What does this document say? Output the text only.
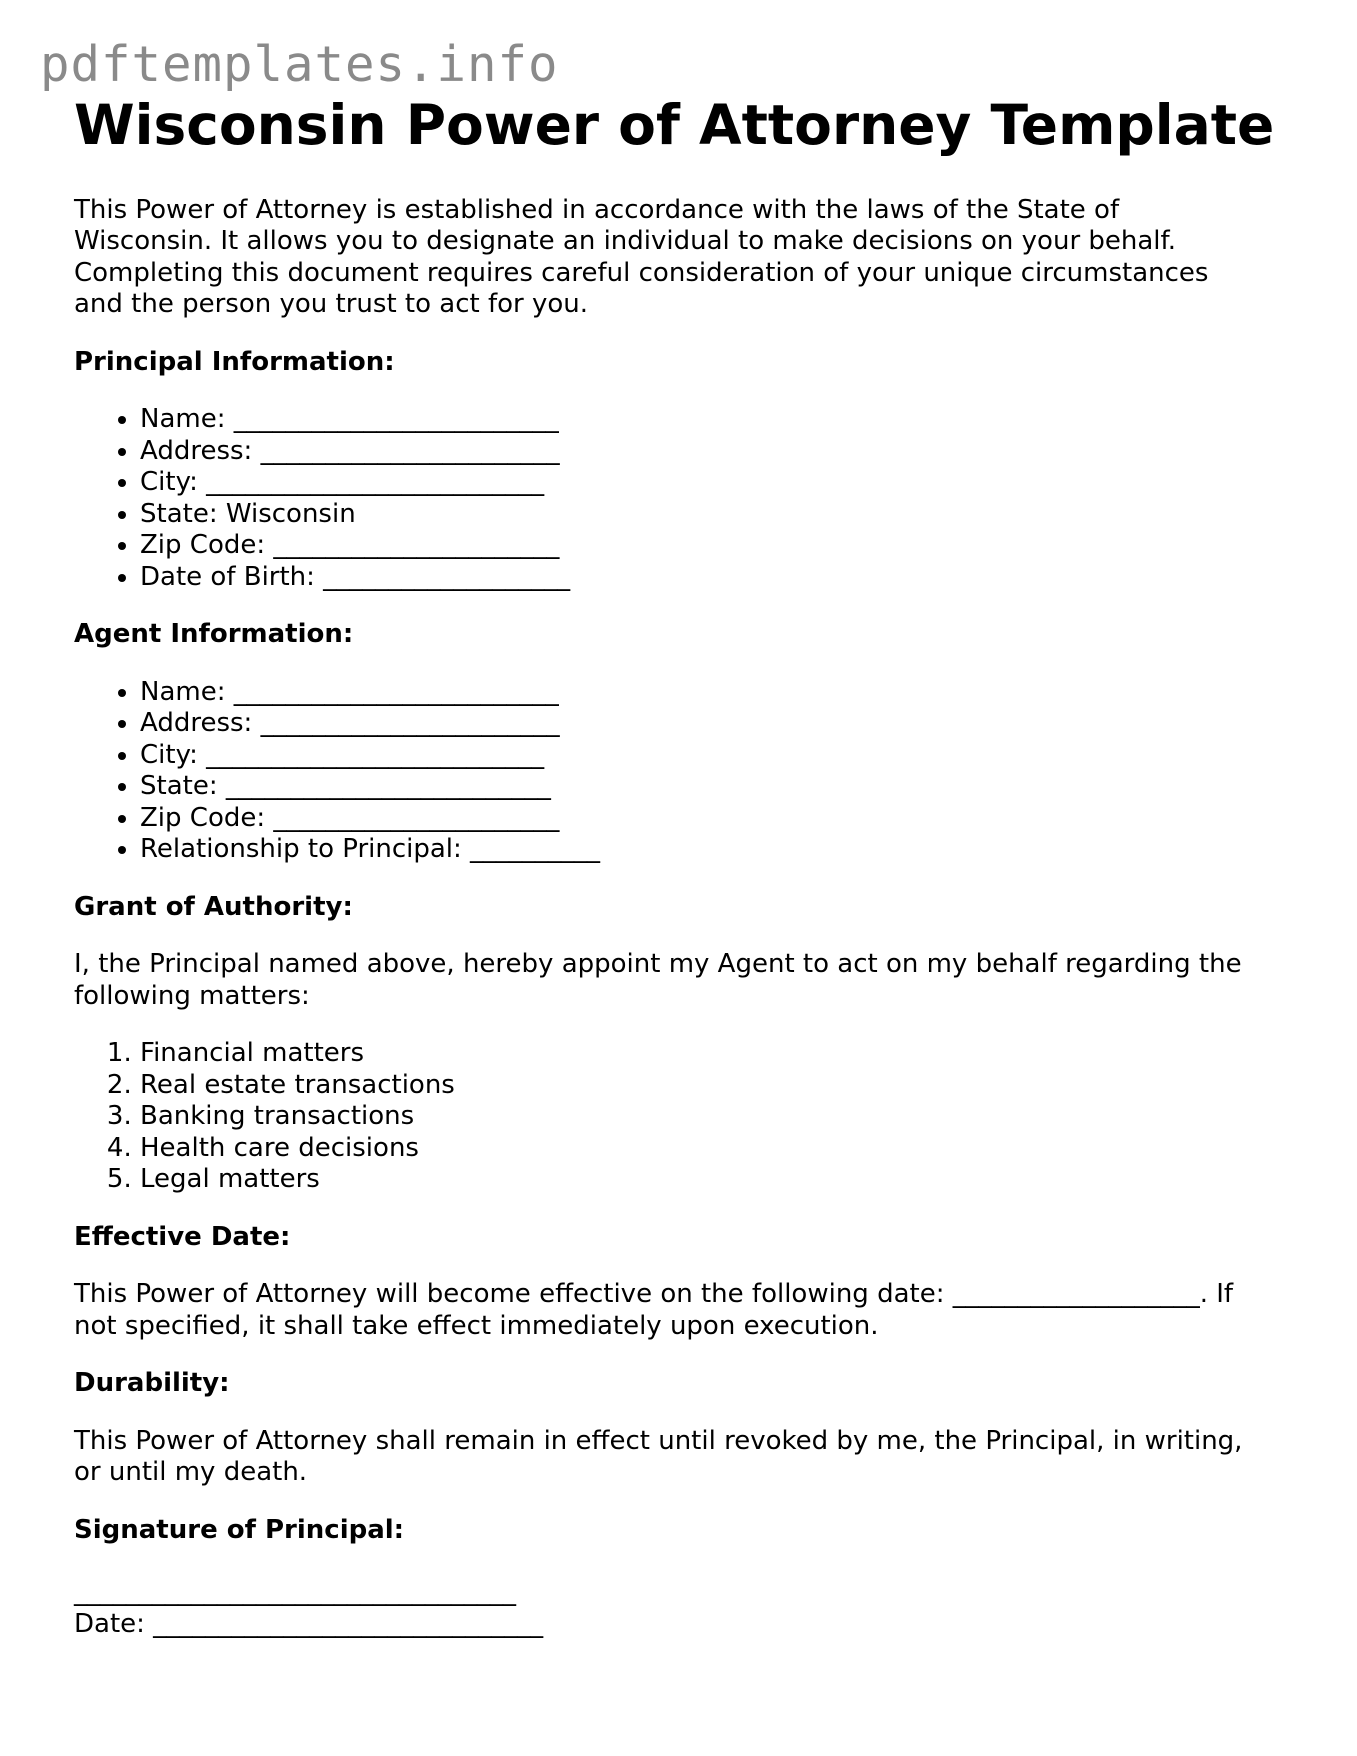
pdftemplates.info
Wisconsin Power of Attorney Template

This Power of Attorney is established in accordance with the laws of the State of Wisconsin. It allows you to designate an individual to make decisions on your behalf. Completing this document requires careful consideration of your unique circumstances and the person you trust to act for you.

Principal Information:
• Name: _________________________
• Address: _______________________
• City: __________________________
• State: Wisconsin
• Zip Code: ______________________
• Date of Birth: ___________________
Agent Information:
• Name: _________________________
• Address: _______________________
• City: __________________________
• State: _________________________
• Zip Code: ______________________
• Relationship to Principal: __________
Grant of Authority:

I, the Principal named above, hereby appoint my Agent to act on my behalf regarding the following matters:

1. Financial matters
2. Real estate transactions
3. Banking transactions
4. Health care decisions
5. Legal matters
Effective Date:

This Power of Attorney will become effective on the following date: ___________________. If not specified, it shall take effect immediately upon execution.

Durability:

This Power of Attorney shall remain in effect until revoked by me, the Principal, in writing, or until my death.

Signature of Principal:

__________________________________

Date: ______________________________
